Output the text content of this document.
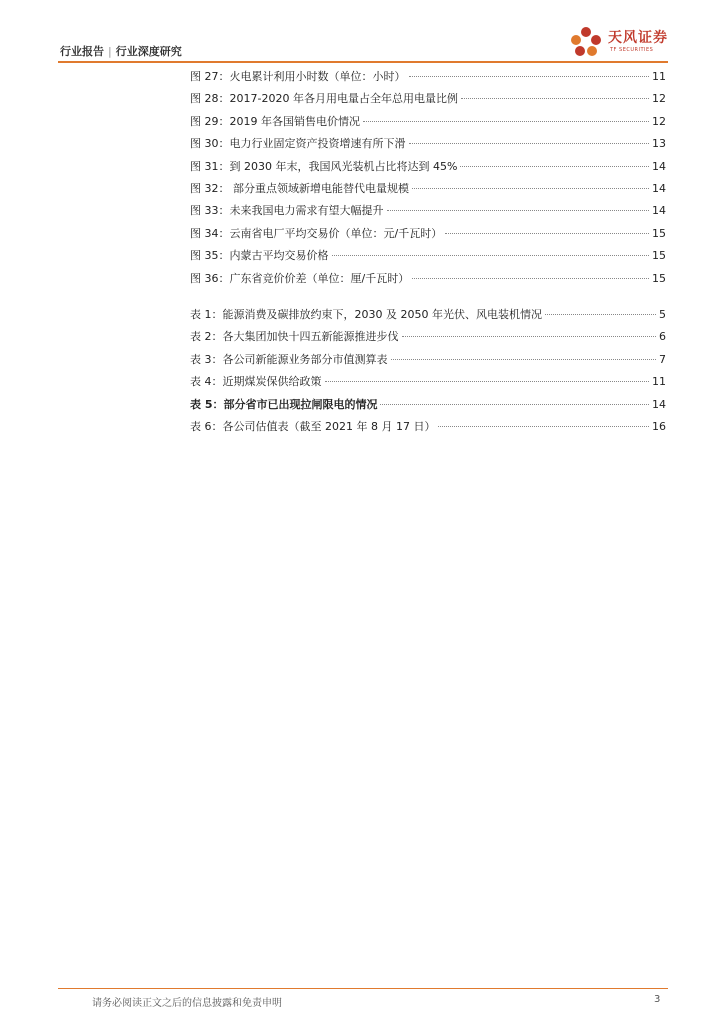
行业报告 | 行业深度研究
天风证券
TF SECURITIES
图 27：火电累计利用小时数（单位：小时）	11
图 28：2017-2020 年各月用电量占全年总用电量比例	12
图 29：2019 年各国销售电价情况	12
图 30：电力行业固定资产投资增速有所下滑	13
图 31：到 2030 年末，我国风光装机占比将达到 45%	14
图 32： 部分重点领域新增电能替代电量规模	14
图 33：未来我国电力需求有望大幅提升	14
图 34：云南省电厂平均交易价（单位：元/千瓦时）	15
图 35：内蒙古平均交易价格	15
图 36：广东省竞价价差（单位：厘/千瓦时）	15
表 1：能源消费及碳排放约束下，2030 及 2050 年光伏、风电装机情况	5
表 2：各大集团加快十四五新能源推进步伐	6
表 3：各公司新能源业务部分市值测算表	7
表 4：近期煤炭保供给政策	11
表 5：部分省市已出现拉闸限电的情况	14
表 6：各公司估值表（截至 2021 年 8 月 17 日）	16
请务必阅读正文之后的信息披露和免责申明	3
